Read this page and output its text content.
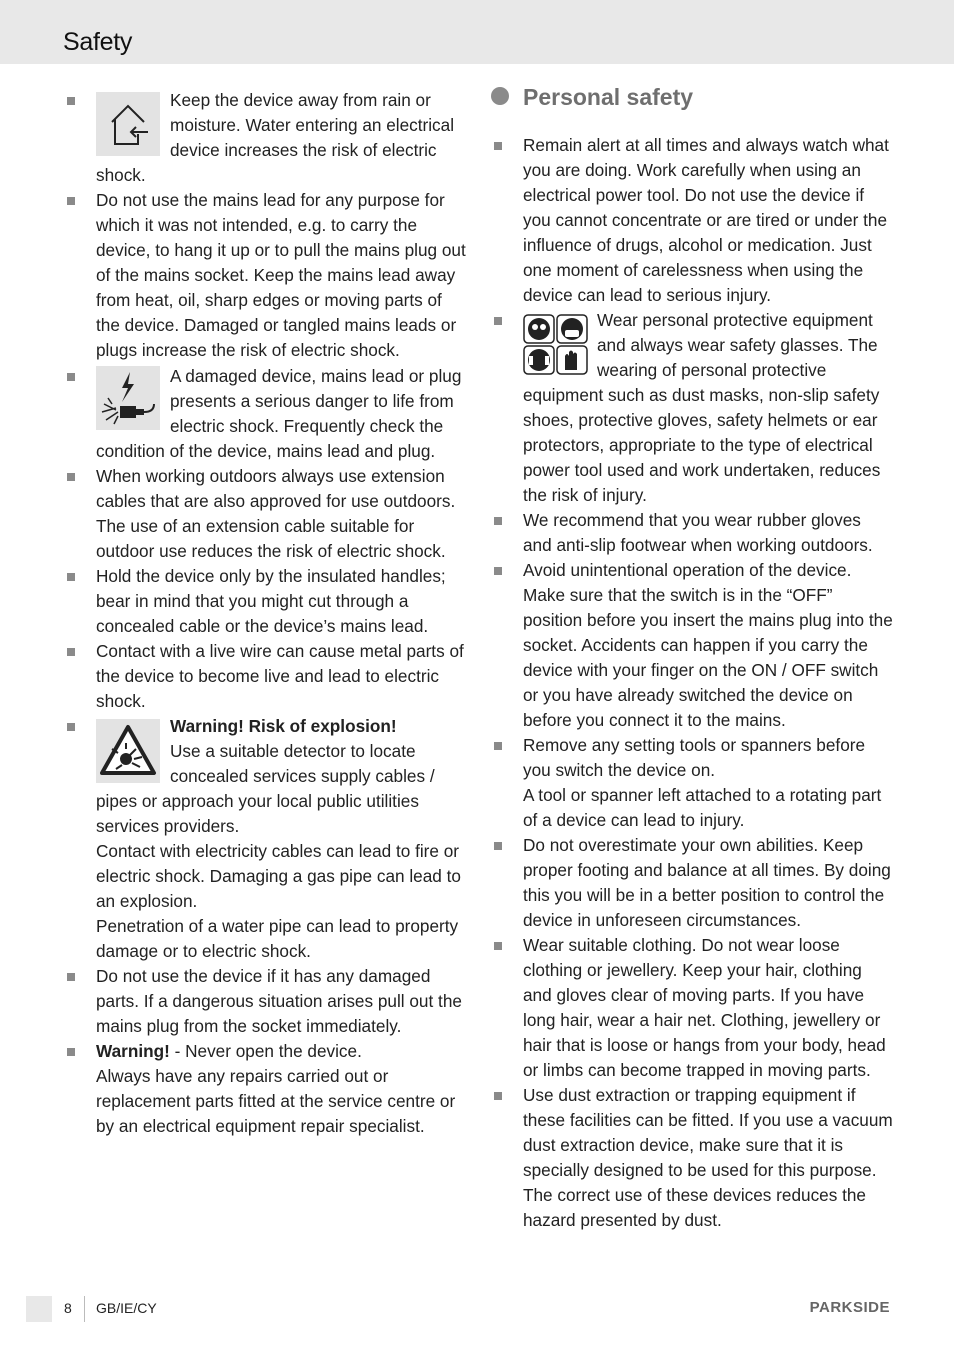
Safety

Keep the device away from rain or moisture. Water entering an electrical device increases the risk of electric shock.

Do not use the mains lead for any purpose for which it was not intended, e.g. to carry the device, to hang it up or to pull the mains plug out of the mains socket. Keep the mains lead away from heat, oil, sharp edges or moving parts of the device. Damaged or tangled mains leads or plugs increase the risk of electric shock.

A damaged device, mains lead or plug presents a serious danger to life from electric shock. Frequently check the condition of the device, mains lead and plug.

When working outdoors always use extension cables that are also approved for use outdoors. The use of an extension cable suitable for outdoor use reduces the risk of electric shock.

Hold the device only by the insulated handles; bear in mind that you might cut through a concealed cable or the device’s mains lead.

Contact with a live wire can cause metal parts of the device to become live and lead to electric shock.

Warning! Risk of explosion!

Use a suitable detector to locate concealed services supply cables / pipes or approach your local public utilities services providers.

Contact with electricity cables can lead to fire or electric shock. Damaging a gas pipe can lead to an explosion.

Penetration of a water pipe can lead to property damage or to electric shock.

Do not use the device if it has any damaged parts. If a dangerous situation arises pull out the mains plug from the socket immediately.

Warning! - Never open the device.

Always have any repairs carried out or replacement parts fitted at the service centre or by an electrical equipment repair specialist.

Personal safety

Remain alert at all times and always watch what you are doing. Work carefully when using an electrical power tool. Do not use the device if you cannot concentrate or are tired or under the influence of drugs, alcohol or medication. Just one moment of carelessness when using the device can lead to serious injury.

Wear personal protective equipment and always wear safety glasses. The wearing of personal protective equipment such as dust masks, non-slip safety shoes, protective gloves, safety helmets or ear protectors, appropriate to the type of electrical power tool used and work undertaken, reduces the risk of injury.

We recommend that you wear rubber gloves and anti-slip footwear when working outdoors.

Avoid unintentional operation of the device. Make sure that the switch is in the “OFF” position before you insert the mains plug into the socket. Accidents can happen if you carry the device with your finger on the ON / OFF switch or you have already switched the device on before you connect it to the mains.

Remove any setting tools or spanners before you switch the device on.

A tool or spanner left attached to a rotating part of a device can lead to injury.

Do not overestimate your own abilities. Keep proper footing and balance at all times. By doing this you will be in a better position to control the device in unforeseen circumstances.

Wear suitable clothing. Do not wear loose clothing or jewellery. Keep your hair, clothing and gloves clear of moving parts. If you have long hair, wear a hair net. Clothing, jewellery or hair that is loose or hangs from your body, head or limbs can become trapped in moving parts.

Use dust extraction or trapping equipment if these facilities can be fitted. If you use a vacuum dust extraction device, make sure that it is specially designed to be used for this purpose. The correct use of these devices reduces the hazard presented by dust.

8 GB/IE/CY	PARKSIDE
